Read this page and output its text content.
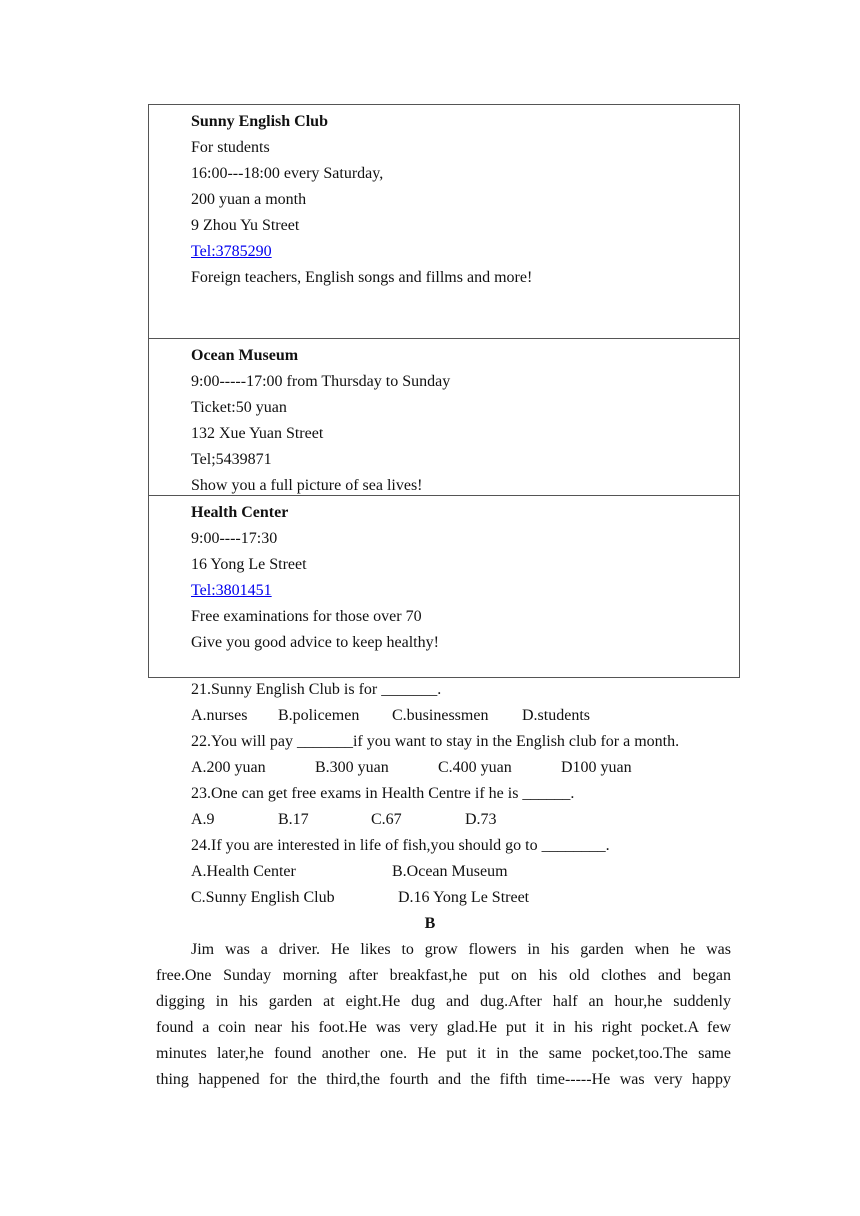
Sunny English Club
For students
16:00---18:00 every Saturday,
200 yuan a month
9 Zhou Yu Street
Tel:3785290
Foreign teachers, English songs and fillms and more!
Ocean Museum
9:00-----17:00 from Thursday to Sunday
Ticket:50 yuan
132 Xue Yuan Street
Tel;5439871
Show you a full picture of sea lives!
Health Center
9:00----17:30
16 Yong Le Street
Tel:3801451
Free examinations for those over 70
Give you good advice to keep healthy!
21.Sunny English Club is for _______.
A.nurses B.policemen C.businessmen D.students
22.You will pay _______if you want to stay in the English club for a month.
A.200 yuan	B.300 yuan	C.400 yuan	D100 yuan
23.One can get free exams in Health Centre if he is ______.
A.9	B.17	C.67	D.73
24.If you are interested in life of fish,you should go to ________.
A.Health Center	B.Ocean Museum
C.Sunny English Club	D.16 Yong Le Street
B
Jim was a driver. He likes to grow flowers in his garden when he was
free.One Sunday morning after breakfast,he put on his old clothes and began
digging in his garden at eight.He dug and dug.After half an hour,he suddenly
found a coin near his foot.He was very glad.He put it in his right pocket.A few
minutes later,he found another one. He put it in the same pocket,too.The same
thing happened for the third,the fourth and the fifth time-----He was very happy
